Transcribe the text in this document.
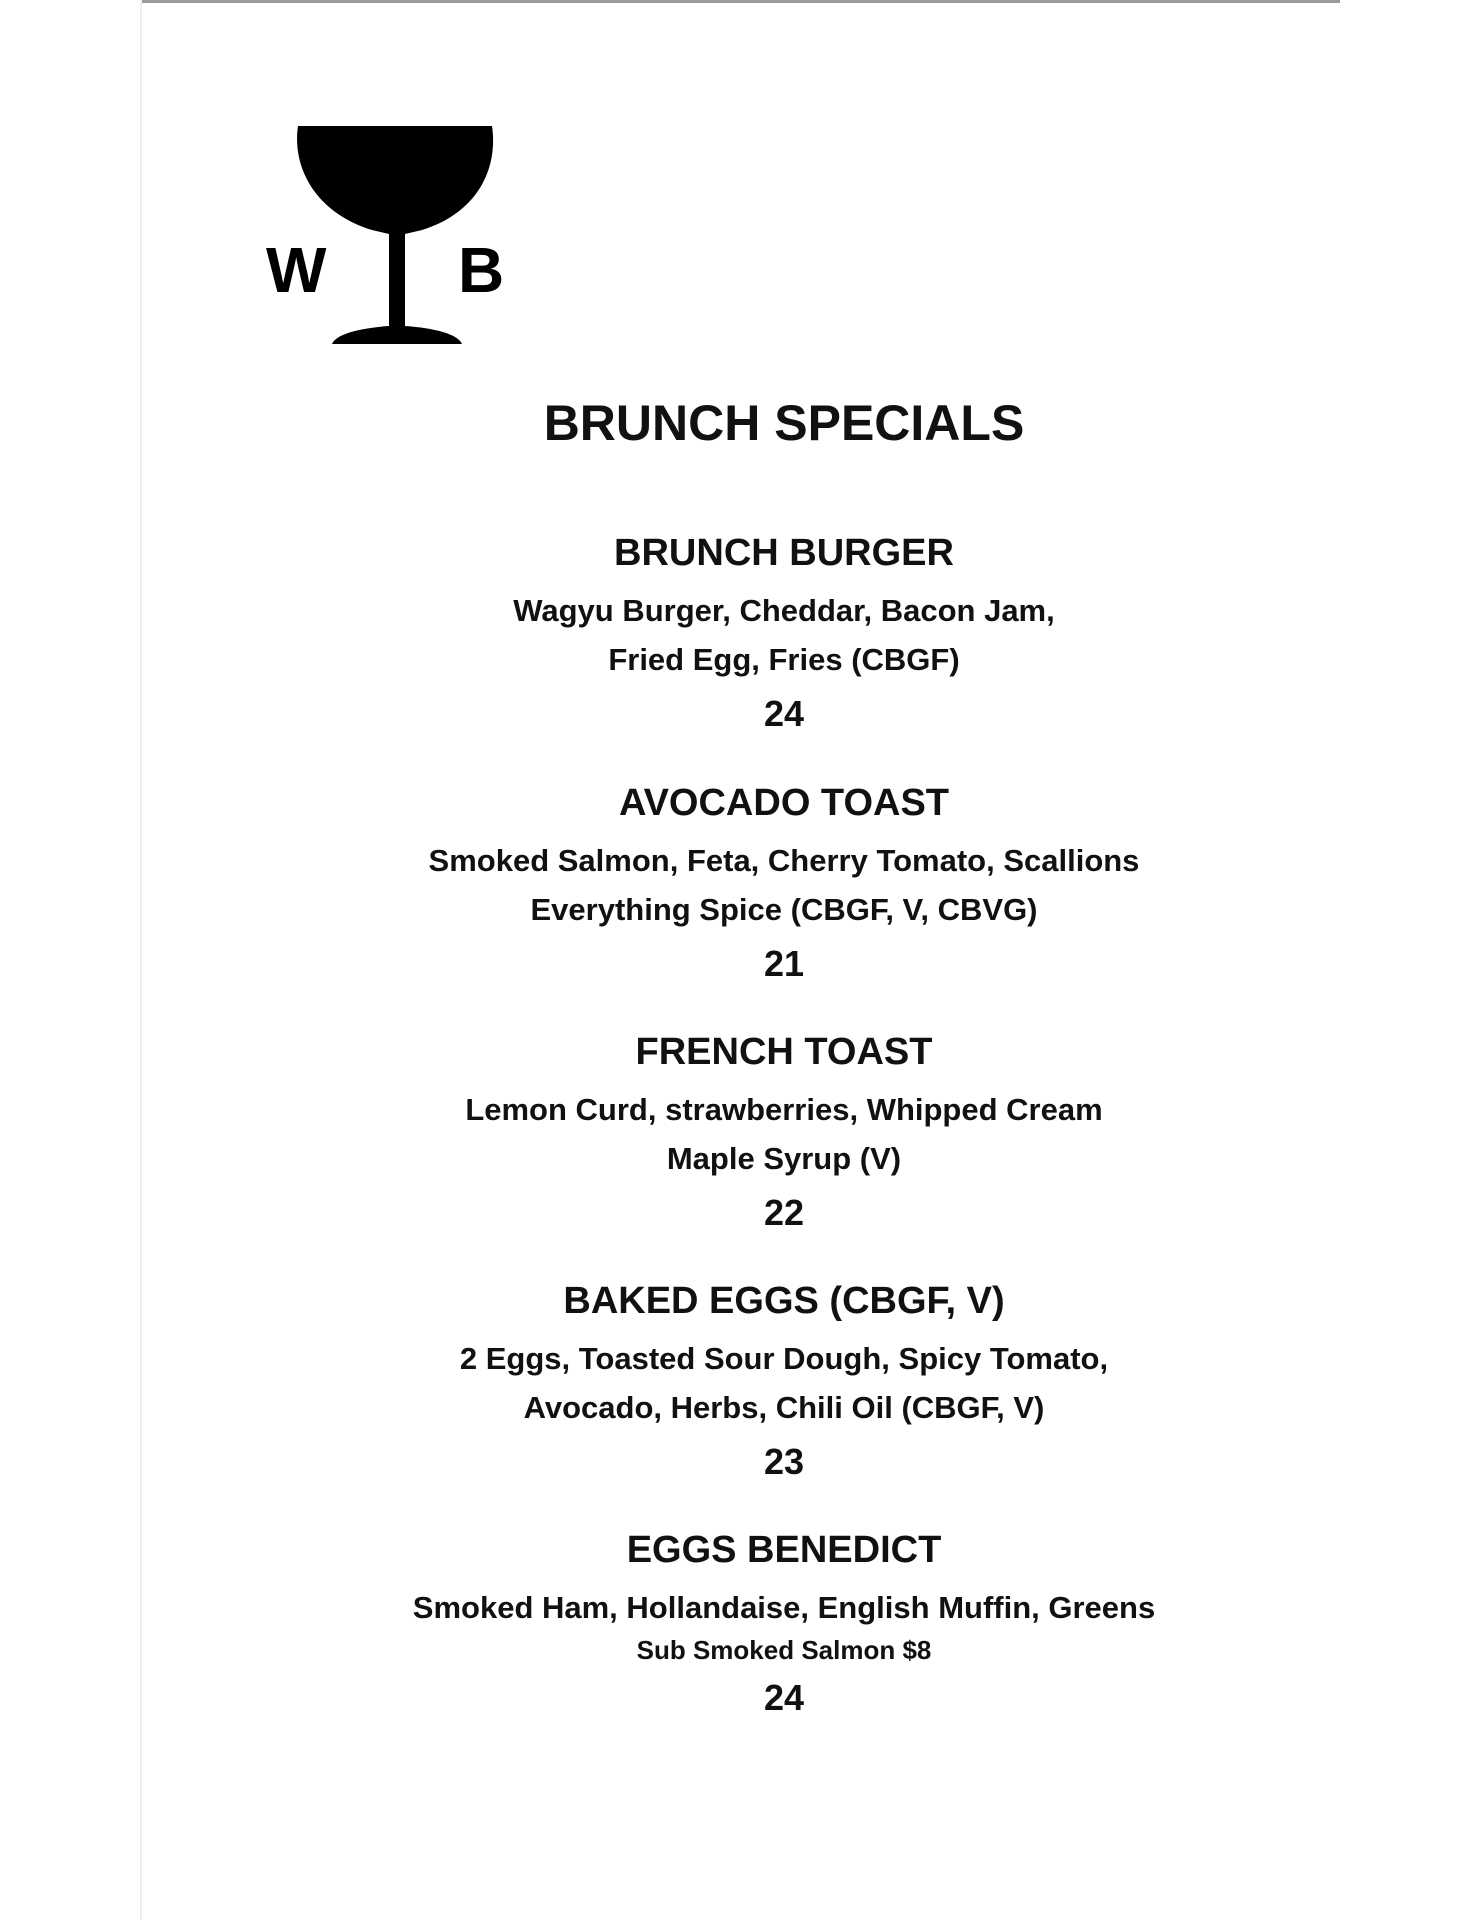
W B
BRUNCH SPECIALS
BRUNCH BURGER
Wagyu Burger, Cheddar, Bacon Jam,
Fried Egg, Fries (CBGF)
24
AVOCADO TOAST
Smoked Salmon, Feta, Cherry Tomato, Scallions
Everything Spice (CBGF, V, CBVG)
21
FRENCH TOAST
Lemon Curd, strawberries, Whipped Cream
Maple Syrup (V)
22
BAKED EGGS (CBGF, V)
2 Eggs, Toasted Sour Dough, Spicy Tomato,
Avocado, Herbs, Chili Oil (CBGF, V)
23
EGGS BENEDICT
Smoked Ham, Hollandaise, English Muffin, Greens
Sub Smoked Salmon $8
24
